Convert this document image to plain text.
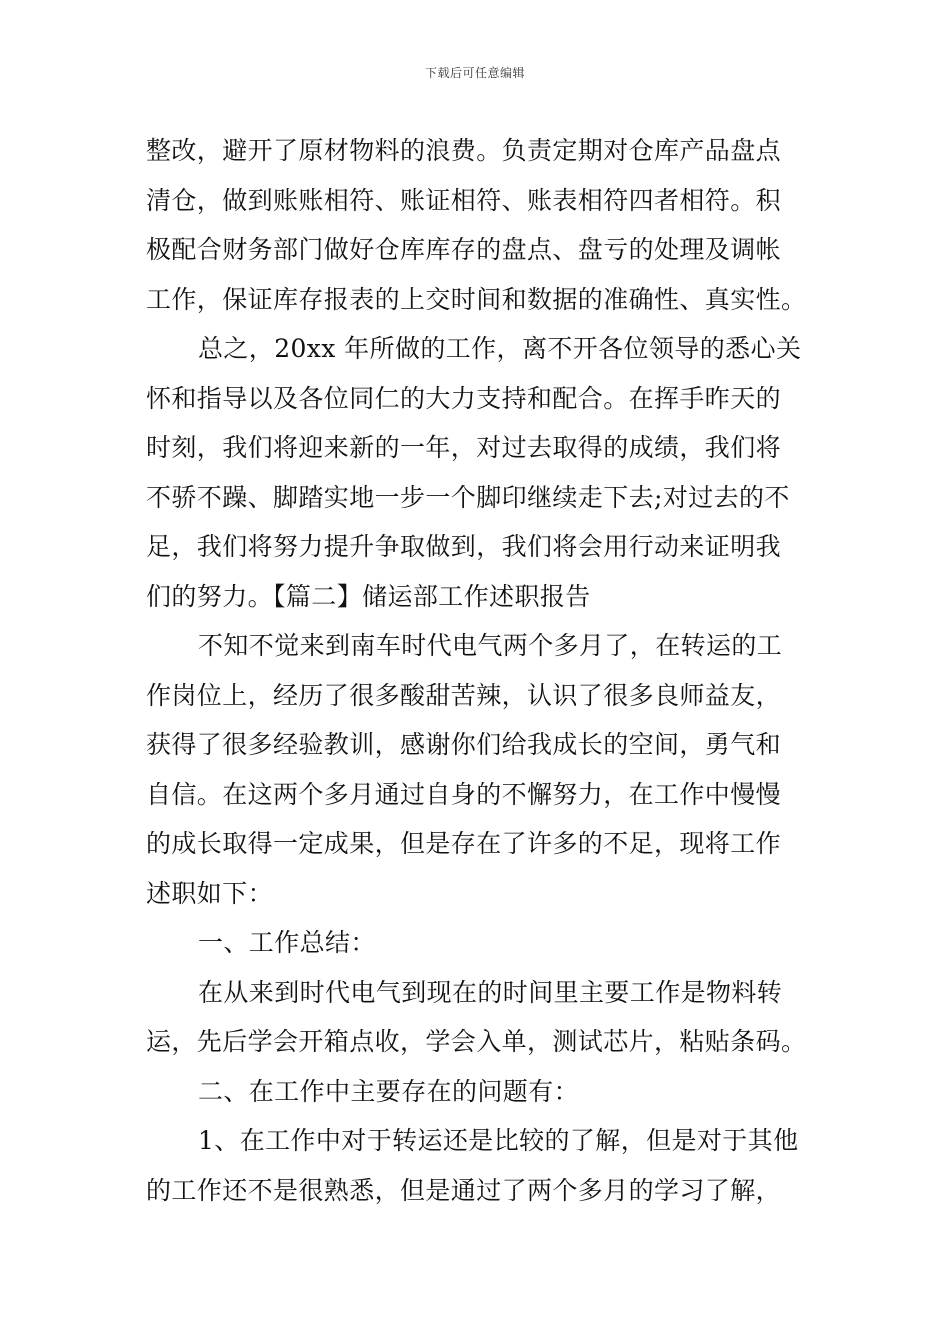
下载后可任意编辑
整改，避开了原材物料的浪费。负责定期对仓库产品盘点
清仓，做到账账相符、账证相符、账表相符四者相符。积
极配合财务部门做好仓库库存的盘点、盘亏的处理及调帐
工作，保证库存报表的上交时间和数据的准确性、真实性。
总之，20xx 年所做的工作，离不开各位领导的悉心关
怀和指导以及各位同仁的大力支持和配合。在挥手昨天的
时刻，我们将迎来新的一年，对过去取得的成绩，我们将
不骄不躁、脚踏实地一步一个脚印继续走下去;对过去的不
足，我们将努力提升争取做到，我们将会用行动来证明我
们的努力。【篇二】储运部工作述职报告
不知不觉来到南车时代电气两个多月了，在转运的工
作岗位上，经历了很多酸甜苦辣，认识了很多良师益友，
获得了很多经验教训，感谢你们给我成长的空间，勇气和
自信。在这两个多月通过自身的不懈努力，在工作中慢慢
的成长取得一定成果，但是存在了许多的不足，现将工作
述职如下：
一、工作总结：
在从来到时代电气到现在的时间里主要工作是物料转
运，先后学会开箱点收，学会入单，测试芯片，粘贴条码。
二、在工作中主要存在的问题有：
1、在工作中对于转运还是比较的了解，但是对于其他
的工作还不是很熟悉，但是通过了两个多月的学习了解，
